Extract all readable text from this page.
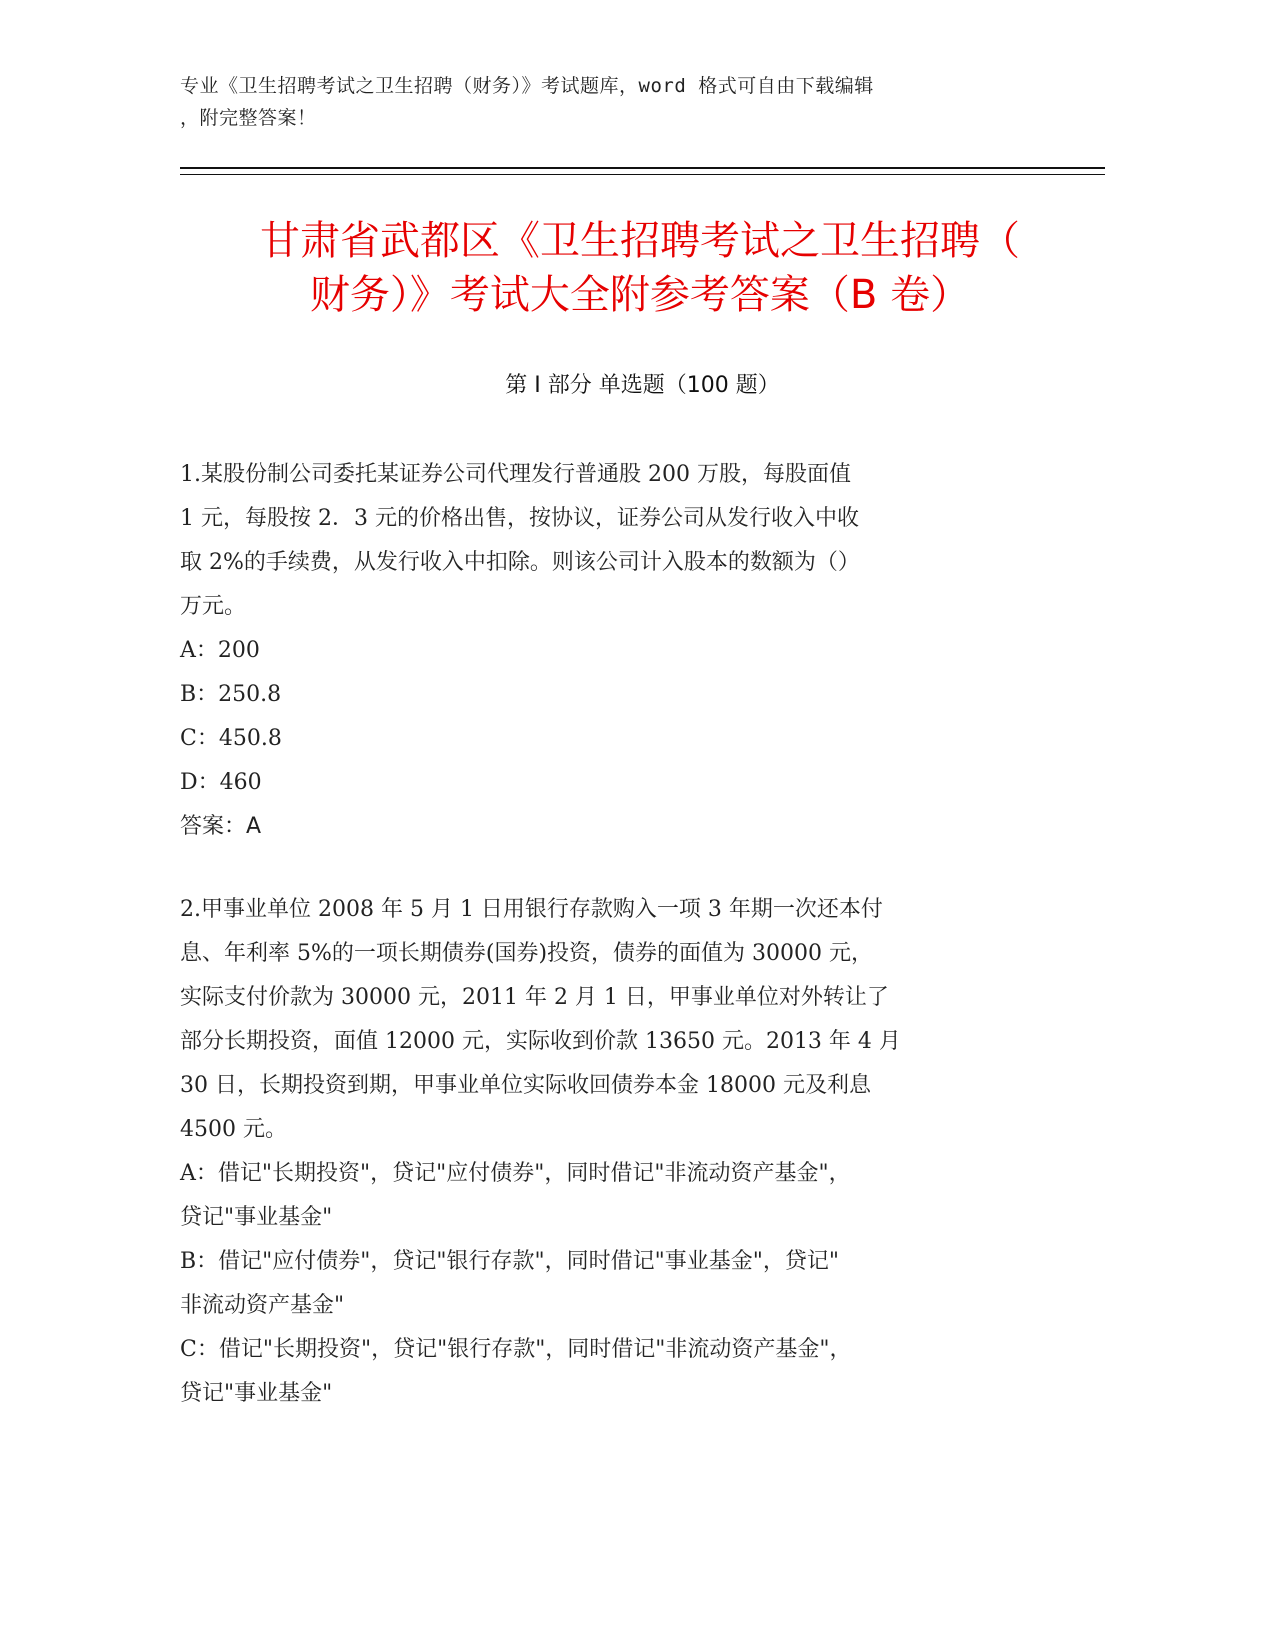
专业《卫生招聘考试之卫生招聘（财务）》考试题库，word 格式可自由下载编辑
，附完整答案！
甘肃省武都区《卫生招聘考试之卫生招聘（
财务）》考试大全附参考答案（B 卷）
第 I 部分 单选题（100 题）

1.某股份制公司委托某证券公司代理发行普通股 200 万股，每股面值

1 元，每股按 2．3 元的价格出售，按协议，证券公司从发行收入中收

取 2%的手续费，从发行收入中扣除。则该公司计入股本的数额为（）

万元。

A：200

B：250.8

C：450.8

D：460

答案：A

2.甲事业单位 2008 年 5 月 1 日用银行存款购入一项 3 年期一次还本付

息、年利率 5%的一项长期债券(国券)投资，债券的面值为 30000 元，

实际支付价款为 30000 元，2011 年 2 月 1 日，甲事业单位对外转让了

部分长期投资，面值 12000 元，实际收到价款 13650 元。2013 年 4 月

30 日，长期投资到期，甲事业单位实际收回债券本金 18000 元及利息

4500 元。

A：借记"长期投资"，贷记"应付债券"，同时借记"非流动资产基金"，

贷记"事业基金"

B：借记"应付债券"，贷记"银行存款"，同时借记"事业基金"，贷记"

非流动资产基金"

C：借记"长期投资"，贷记"银行存款"，同时借记"非流动资产基金"，

贷记"事业基金"
